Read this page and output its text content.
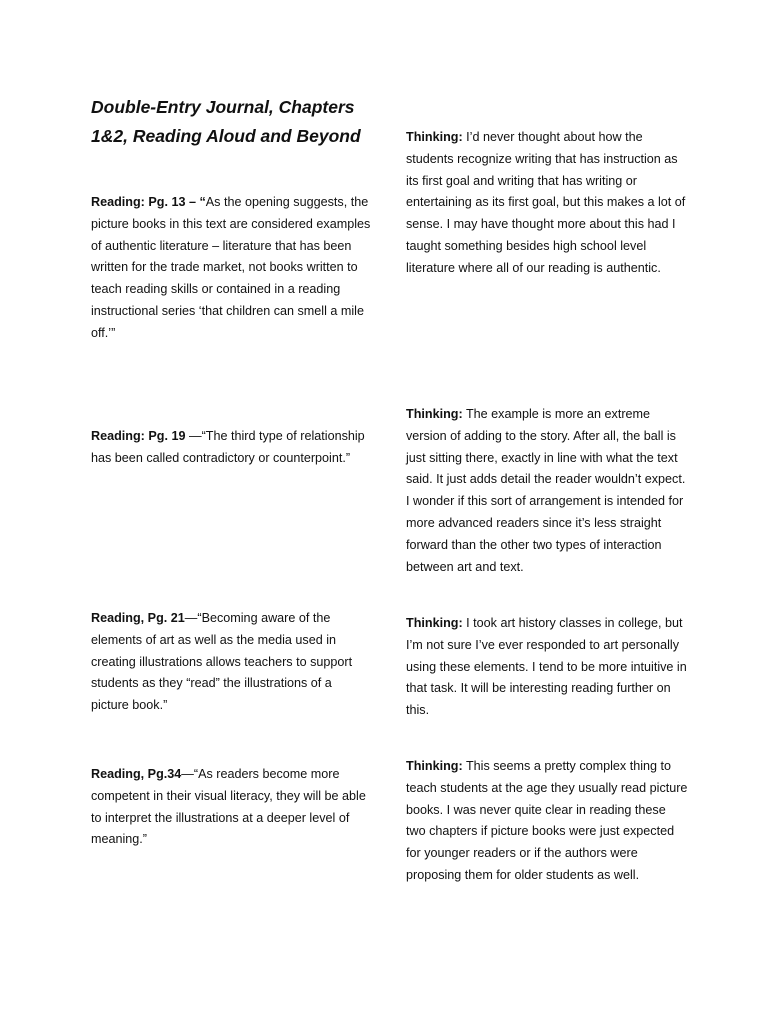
Double-Entry Journal, Chapters 1&2, Reading Aloud and Beyond

Reading: Pg. 13 – “As the opening suggests, the picture books in this text are considered examples of authentic literature – literature that has been written for the trade market, not books written to teach reading skills or contained in a reading instructional series ‘that children can smell a mile off.’”

Reading: Pg. 19 —“The third type of relationship has been called contradictory or counterpoint.”

Reading, Pg. 21—“Becoming aware of the elements of art as well as the media used in creating illustrations allows teachers to support students as they “read” the illustrations of a picture book.”

Reading, Pg.34—“As readers become more competent in their visual literacy, they will be able to interpret the illustrations at a deeper level of meaning.”

Thinking: I’d never thought about how the students recognize writing that has instruction as its first goal and writing that has writing or entertaining as its first goal, but this makes a lot of sense. I may have thought more about this had I taught something besides high school level literature where all of our reading is authentic.

Thinking: The example is more an extreme version of adding to the story. After all, the ball is just sitting there, exactly in line with what the text said. It just adds detail the reader wouldn’t expect. I wonder if this sort of arrangement is intended for more advanced readers since it’s less straight forward than the other two types of interaction between art and text.

Thinking: I took art history classes in college, but I’m not sure I’ve ever responded to art personally using these elements. I tend to be more intuitive in that task. It will be interesting reading further on this.

Thinking: This seems a pretty complex thing to teach students at the age they usually read picture books. I was never quite clear in reading these two chapters if picture books were just expected for younger readers or if the authors were proposing them for older students as well.
